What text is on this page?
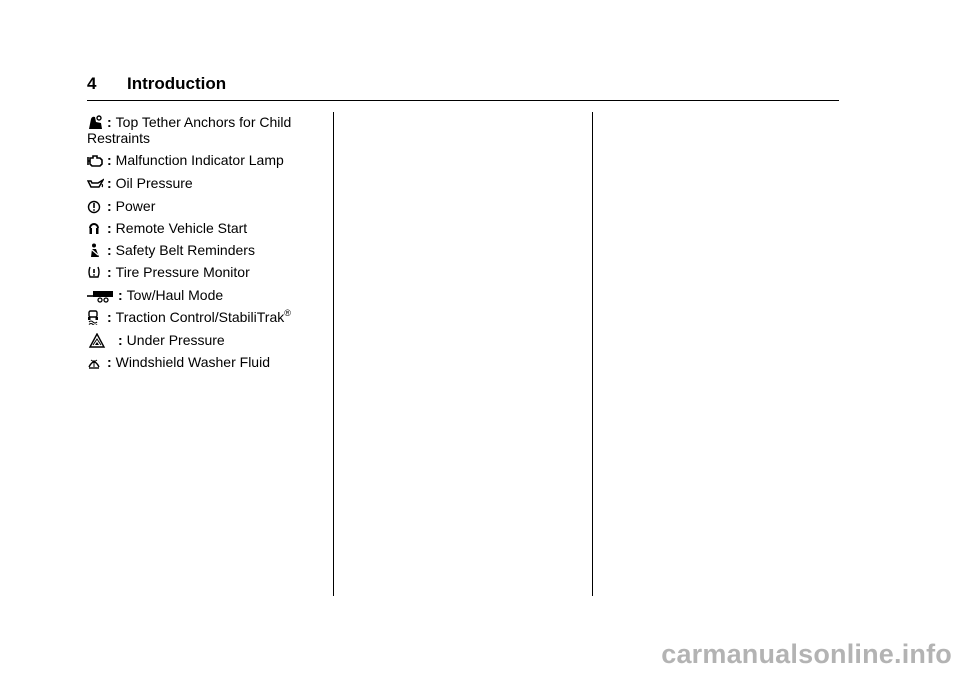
4 Introduction
: Top Tether Anchors for Child Restraints
: Malfunction Indicator Lamp
: Oil Pressure
: Power
: Remote Vehicle Start
: Safety Belt Reminders
: Tire Pressure Monitor
: Tow/Haul Mode
: Traction Control/StabiliTrak®
: Under Pressure
: Windshield Washer Fluid
carmanualsonline.info
